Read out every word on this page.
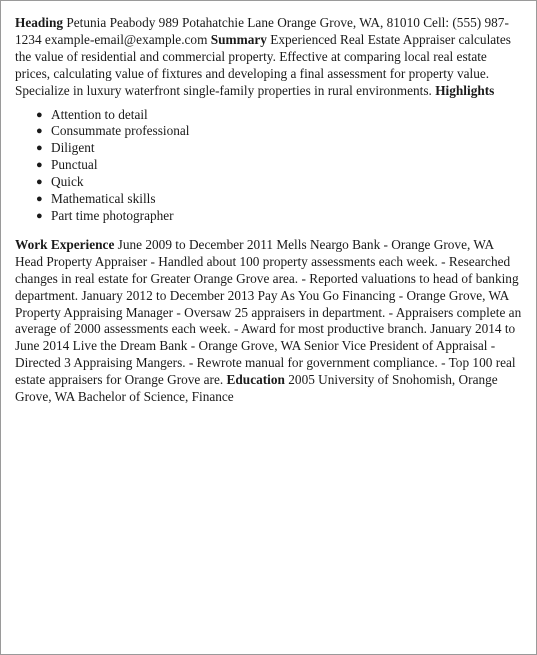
Heading Petunia Peabody 989 Potahatchie Lane Orange Grove, WA, 81010 Cell: (555) 987-1234 example-email@example.com Summary Experienced Real Estate Appraiser calculates the value of residential and commercial property. Effective at comparing local real estate prices, calculating value of fixtures and developing a final assessment for property value. Specialize in luxury waterfront single-family properties in rural environments. Highlights

● Attention to detail
● Consummate professional
● Diligent
● Punctual
● Quick
● Mathematical skills
● Part time photographer

Work Experience June 2009 to December 2011 Mells Neargo Bank - Orange Grove, WA Head Property Appraiser - Handled about 100 property assessments each week. - Researched changes in real estate for Greater Orange Grove area. - Reported valuations to head of banking department. January 2012 to December 2013 Pay As You Go Financing - Orange Grove, WA Property Appraising Manager - Oversaw 25 appraisers in department. - Appraisers complete an average of 2000 assessments each week. - Award for most productive branch. January 2014 to June 2014 Live the Dream Bank - Orange Grove, WA Senior Vice President of Appraisal - Directed 3 Appraising Mangers. - Rewrote manual for government compliance. - Top 100 real estate appraisers for Orange Grove are. Education 2005 University of Snohomish, Orange Grove, WA Bachelor of Science, Finance
